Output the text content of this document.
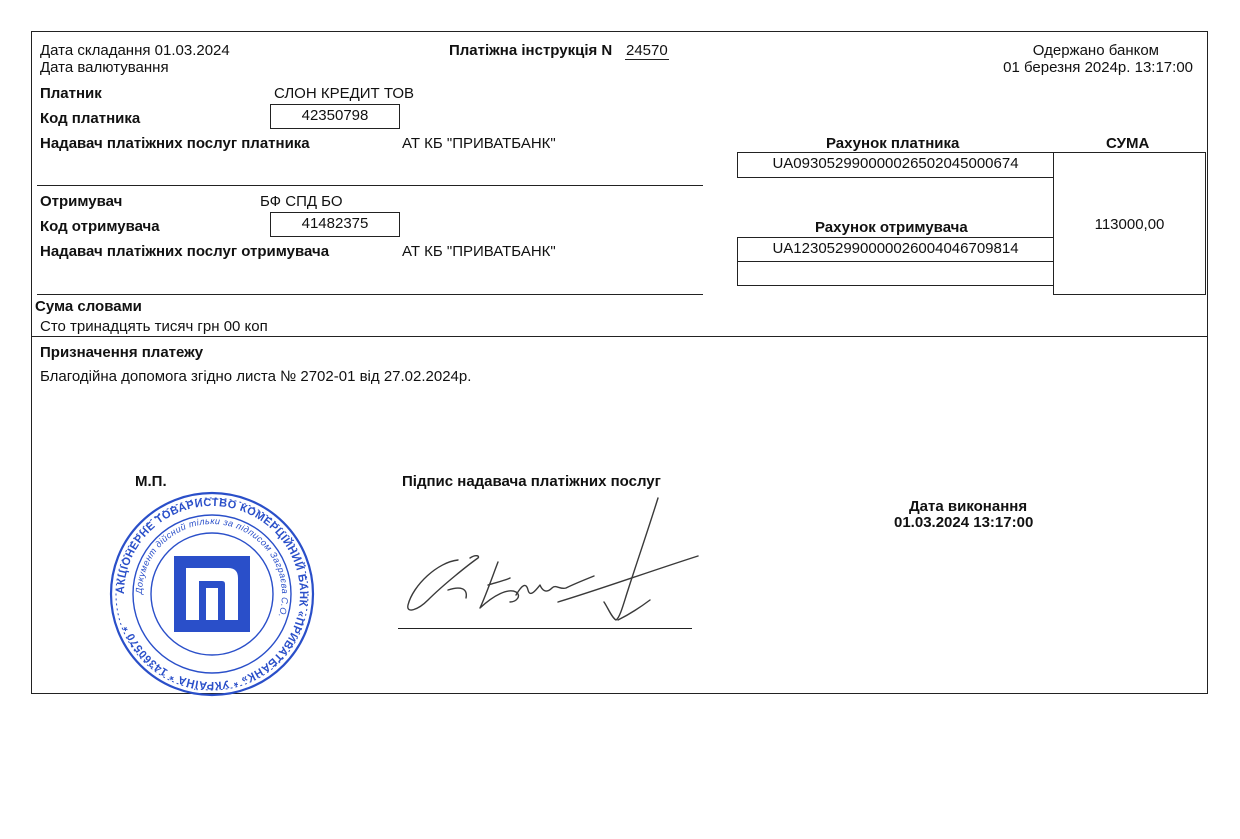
Дата складання 01.03.2024
Дата валютування
Платіжна інструкція N 24570	Одержано банком
01 березня 2024р. 13:17:00
Платник	СЛОН КРЕДИТ ТОВ
Код платника	42350798
Надавач платіжних послуг платника	АТ КБ "ПРИВАТБАНК"	Рахунок платника
UA093052990000026502045000674
СУМА
Отримувач	БФ СПД БО
Код отримувача	41482375
Надавач платіжних послуг отримувача	АТ КБ "ПРИВАТБАНК"
Рахунок отримувача
UA123052990000026004046709814
113000,00
Сума словами
Сто тринадцять тисяч грн 00 коп
Призначення платежу
Благодійна допомога згідно листа № 2702-01 від 27.02.2024р.
М.П.	Підпис надавача платіжних послуг
Дата виконання
01.03.2024 13:17:00
АКЦІОНЕРНЕ ТОВАРИСТВО КОМЕРЦІЙНИЙ БАНК «ПРИВАТБАНК» * УКРАЇНА * 14360570 *
Документ дійсний тільки за підписом Заграєва С.О.
